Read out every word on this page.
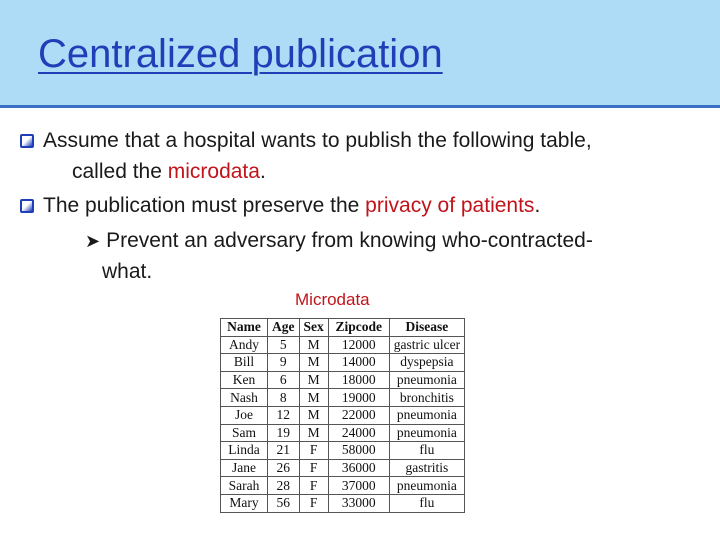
Centralized publication
Assume that a hospital wants to publish the following table,
called the microdata.
The publication must preserve the privacy of patients.
➤ Prevent an adversary from knowing who-contracted-
what.
Microdata
Name	Age	Sex	Zipcode	Disease
Andy	5	M	12000	gastric ulcer
Bill	9	M	14000	dyspepsia
Ken	6	M	18000	pneumonia
Nash	8	M	19000	bronchitis
Joe	12	M	22000	pneumonia
Sam	19	M	24000	pneumonia
Linda	21	F	58000	flu
Jane	26	F	36000	gastritis
Sarah	28	F	37000	pneumonia
Mary	56	F	33000	flu
